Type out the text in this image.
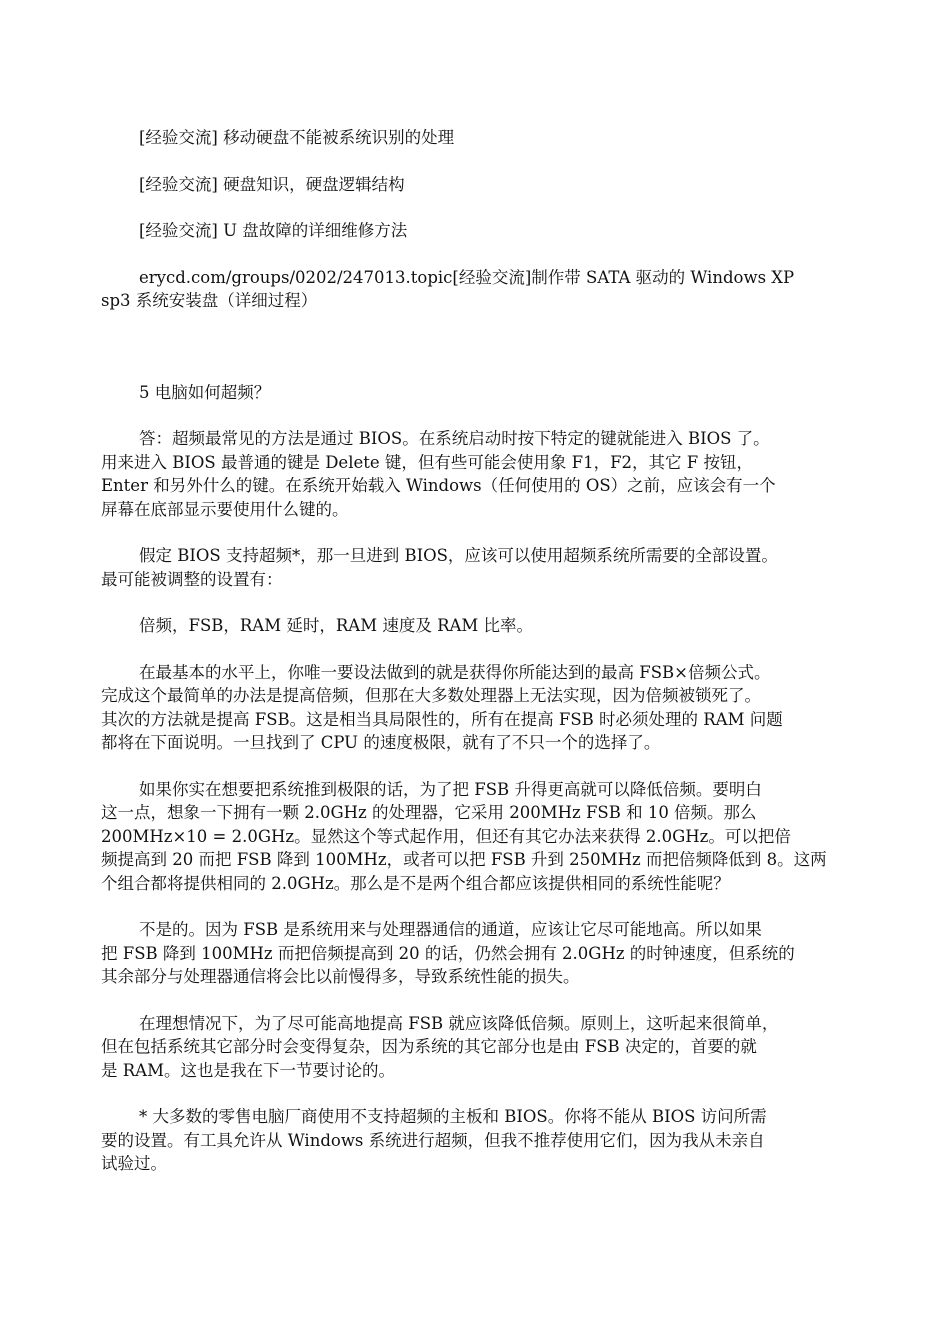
[经验交流] 移动硬盘不能被系统识别的处理

[经验交流] 硬盘知识，硬盘逻辑结构

[经验交流] U 盘故障的详细维修方法

erycd.com/groups/0202/247013.topic[经验交流]制作带 SATA 驱动的 Windows XP
sp3 系统安装盘（详细过程）

5 电脑如何超频？

答：超频最常见的方法是通过 BIOS。在系统启动时按下特定的键就能进入 BIOS 了。
用来进入 BIOS 最普通的键是 Delete 键，但有些可能会使用象 F1，F2，其它 F 按钮，
Enter 和另外什么的键。在系统开始载入 Windows（任何使用的 OS）之前，应该会有一个
屏幕在底部显示要使用什么键的。

假定 BIOS 支持超频*，那一旦进到 BIOS，应该可以使用超频系统所需要的全部设置。
最可能被调整的设置有：

倍频，FSB，RAM 延时，RAM 速度及 RAM 比率。

在最基本的水平上，你唯一要设法做到的就是获得你所能达到的最高 FSB×倍频公式。
完成这个最简单的办法是提高倍频，但那在大多数处理器上无法实现，因为倍频被锁死了。
其次的方法就是提高 FSB。这是相当具局限性的，所有在提高 FSB 时必须处理的 RAM 问题
都将在下面说明。一旦找到了 CPU 的速度极限，就有了不只一个的选择了。

如果你实在想要把系统推到极限的话，为了把 FSB 升得更高就可以降低倍频。要明白
这一点，想象一下拥有一颗 2.0GHz 的处理器，它采用 200MHz FSB 和 10 倍频。那么
200MHz×10 = 2.0GHz。显然这个等式起作用，但还有其它办法来获得 2.0GHz。可以把倍
频提高到 20 而把 FSB 降到 100MHz，或者可以把 FSB 升到 250MHz 而把倍频降低到 8。这两
个组合都将提供相同的 2.0GHz。那么是不是两个组合都应该提供相同的系统性能呢？

不是的。因为 FSB 是系统用来与处理器通信的通道，应该让它尽可能地高。所以如果
把 FSB 降到 100MHz 而把倍频提高到 20 的话，仍然会拥有 2.0GHz 的时钟速度，但系统的
其余部分与处理器通信将会比以前慢得多，导致系统性能的损失。

在理想情况下，为了尽可能高地提高 FSB 就应该降低倍频。原则上，这听起来很简单，
但在包括系统其它部分时会变得复杂，因为系统的其它部分也是由 FSB 决定的，首要的就
是 RAM。这也是我在下一节要讨论的。

* 大多数的零售电脑厂商使用不支持超频的主板和 BIOS。你将不能从 BIOS 访问所需
要的设置。有工具允许从 Windows 系统进行超频，但我不推荐使用它们，因为我从未亲自
试验过。
